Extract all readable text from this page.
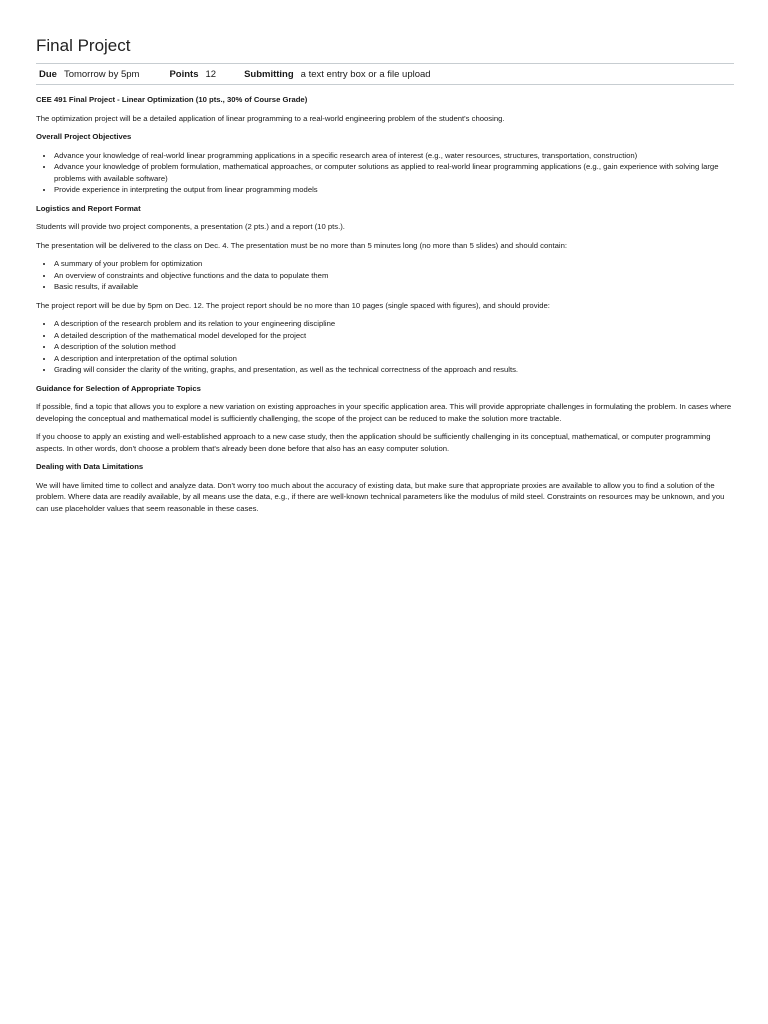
Final Project
Due Tomorrow by 5pm	Points 12	Submitting a text entry box or a file upload
CEE 491 Final Project - Linear Optimization (10 pts., 30% of Course Grade)

The optimization project will be a detailed application of linear programming to a real-world engineering problem of the student's choosing.

Overall Project Objectives
• Advance your knowledge of real-world linear programming applications in a specific research area of interest (e.g., water resources, structures, transportation, construction)
• Advance your knowledge of problem formulation, mathematical approaches, or computer solutions as applied to real-world linear programming applications (e.g., gain experience with solving large problems with available software)
• Provide experience in interpreting the output from linear programming models
Logistics and Report Format

Students will provide two project components, a presentation (2 pts.) and a report (10 pts.).

The presentation will be delivered to the class on Dec. 4. The presentation must be no more than 5 minutes long (no more than 5 slides) and should contain:

• A summary of your problem for optimization
• An overview of constraints and objective functions and the data to populate them
• Basic results, if available

The project report will be due by 5pm on Dec. 12. The project report should be no more than 10 pages (single spaced with figures), and should provide:

• A description of the research problem and its relation to your engineering discipline
• A detailed description of the mathematical model developed for the project
• A description of the solution method
• A description and interpretation of the optimal solution
• Grading will consider the clarity of the writing, graphs, and presentation, as well as the technical correctness of the approach and results.
Guidance for Selection of Appropriate Topics

If possible, find a topic that allows you to explore a new variation on existing approaches in your specific application area. This will provide appropriate challenges in formulating the problem. In cases where developing the conceptual and mathematical model is sufficiently challenging, the scope of the project can be reduced to make the solution more tractable.

If you choose to apply an existing and well-established approach to a new case study, then the application should be sufficiently challenging in its conceptual, mathematical, or computer programming aspects. In other words, don't choose a problem that's already been done before that also has an easy computer solution.

Dealing with Data Limitations

We will have limited time to collect and analyze data. Don't worry too much about the accuracy of existing data, but make sure that appropriate proxies are available to allow you to find a solution of the problem. Where data are readily available, by all means use the data, e.g., if there are well-known technical parameters like the modulus of mild steel. Constraints on resources may be unknown, and you can use placeholder values that seem reasonable in these cases.
